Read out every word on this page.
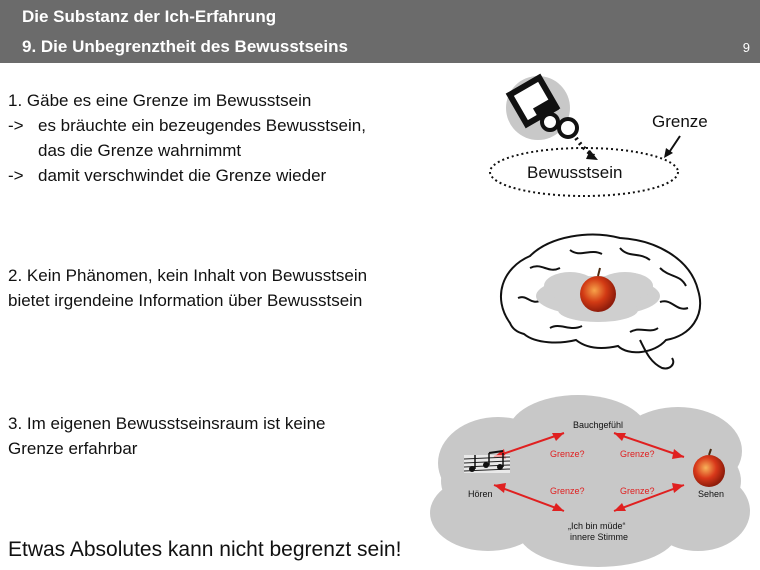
Die Substanz der Ich-Erfahrung
9. Die Unbegrenztheit des Bewusstseins	9
1. Gäbe es eine Grenze im Bewusstsein
-> es bräuchte ein bezeugendes Bewusstsein,
das die Grenze wahrnimmt
-> damit verschwindet die Grenze wieder
2. Kein Phänomen, kein Inhalt von Bewusstsein
bietet irgendeine Information über Bewusstsein
3. Im eigenen Bewusstseinsraum ist keine
Grenze erfahrbar
Etwas Absolutes kann nicht begrenzt sein!
Bewusstsein
Grenze
Bauchgefühl
Grenze?	Grenze?
Grenze?	Grenze?
Hören	Sehen
„Ich bin müde“
innere Stimme
